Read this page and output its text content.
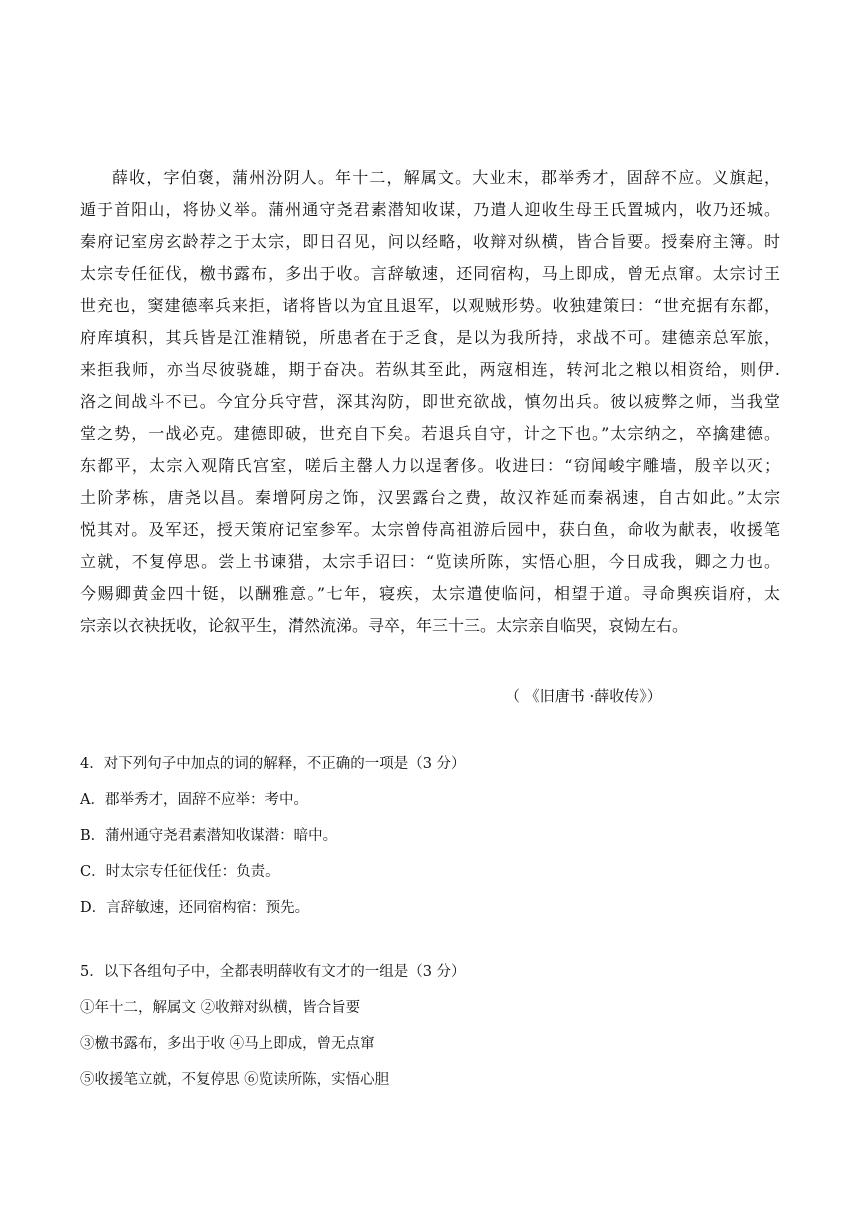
薛收，字伯褒，蒲州汾阴人。年十二，解属文。大业末，郡举秀才，固辞不应。义旗起，
遁于首阳山，将协义举。蒲州通守尧君素潜知收谋，乃遣人迎收生母王氏置城内，收乃还城。
秦府记室房玄龄荐之于太宗，即日召见，问以经略，收辩对纵横，皆合旨要。授秦府主簿。时
太宗专任征伐，檄书露布，多出于收。言辞敏速，还同宿构，马上即成，曾无点窜。太宗讨王
世充也，窦建德率兵来拒，诸将皆以为宜且退军，以观贼形势。收独建策曰：“世充据有东都，
府库填积，其兵皆是江淮精锐，所患者在于乏食，是以为我所持，求战不可。建德亲总军旅，
来拒我师，亦当尽彼骁雄，期于奋决。若纵其至此，两寇相连，转河北之粮以相资给，则伊.
洛之间战斗不已。今宜分兵守营，深其沟防，即世充欲战，慎勿出兵。彼以疲弊之师，当我堂
堂之势，一战必克。建德即破，世充自下矣。若退兵自守，计之下也。”太宗纳之，卒擒建德。
东都平，太宗入观隋氏宫室，嗟后主罄人力以逞奢侈。收进曰：“窃闻峻宇雕墙，殷辛以灭；
土阶茅栋，唐尧以昌。秦增阿房之饰，汉罢露台之费，故汉祚延而秦祸速，自古如此。”太宗
悦其对。及军还，授天策府记室参军。太宗曾侍高祖游后园中，获白鱼，命收为献表，收援笔
立就，不复停思。尝上书谏猎，太宗手诏曰：“览读所陈，实悟心胆，今日成我，卿之力也。
今赐卿黄金四十铤，以酬雅意。”七年，寝疾，太宗遣使临问，相望于道。寻命舆疾诣府，太
宗亲以衣袂抚收，论叙平生，潸然流涕。寻卒，年三十三。太宗亲自临哭，哀恸左右。
（ 《旧唐书 ·薛收传》）
4．对下列句子中加点的词的解释，不正确的一项是（3 分）
A．郡举秀才，固辞不应举：考中。
B．蒲州通守尧君素潜知收谋潜：暗中。
C．时太宗专任征伐任：负责。
D．言辞敏速，还同宿构宿：预先。
5．以下各组句子中，全都表明薛收有文才的一组是（3 分）
①年十二，解属文 ②收辩对纵横，皆合旨要
③檄书露布，多出于收 ④马上即成，曾无点窜
⑤收援笔立就，不复停思 ⑥览读所陈，实悟心胆
